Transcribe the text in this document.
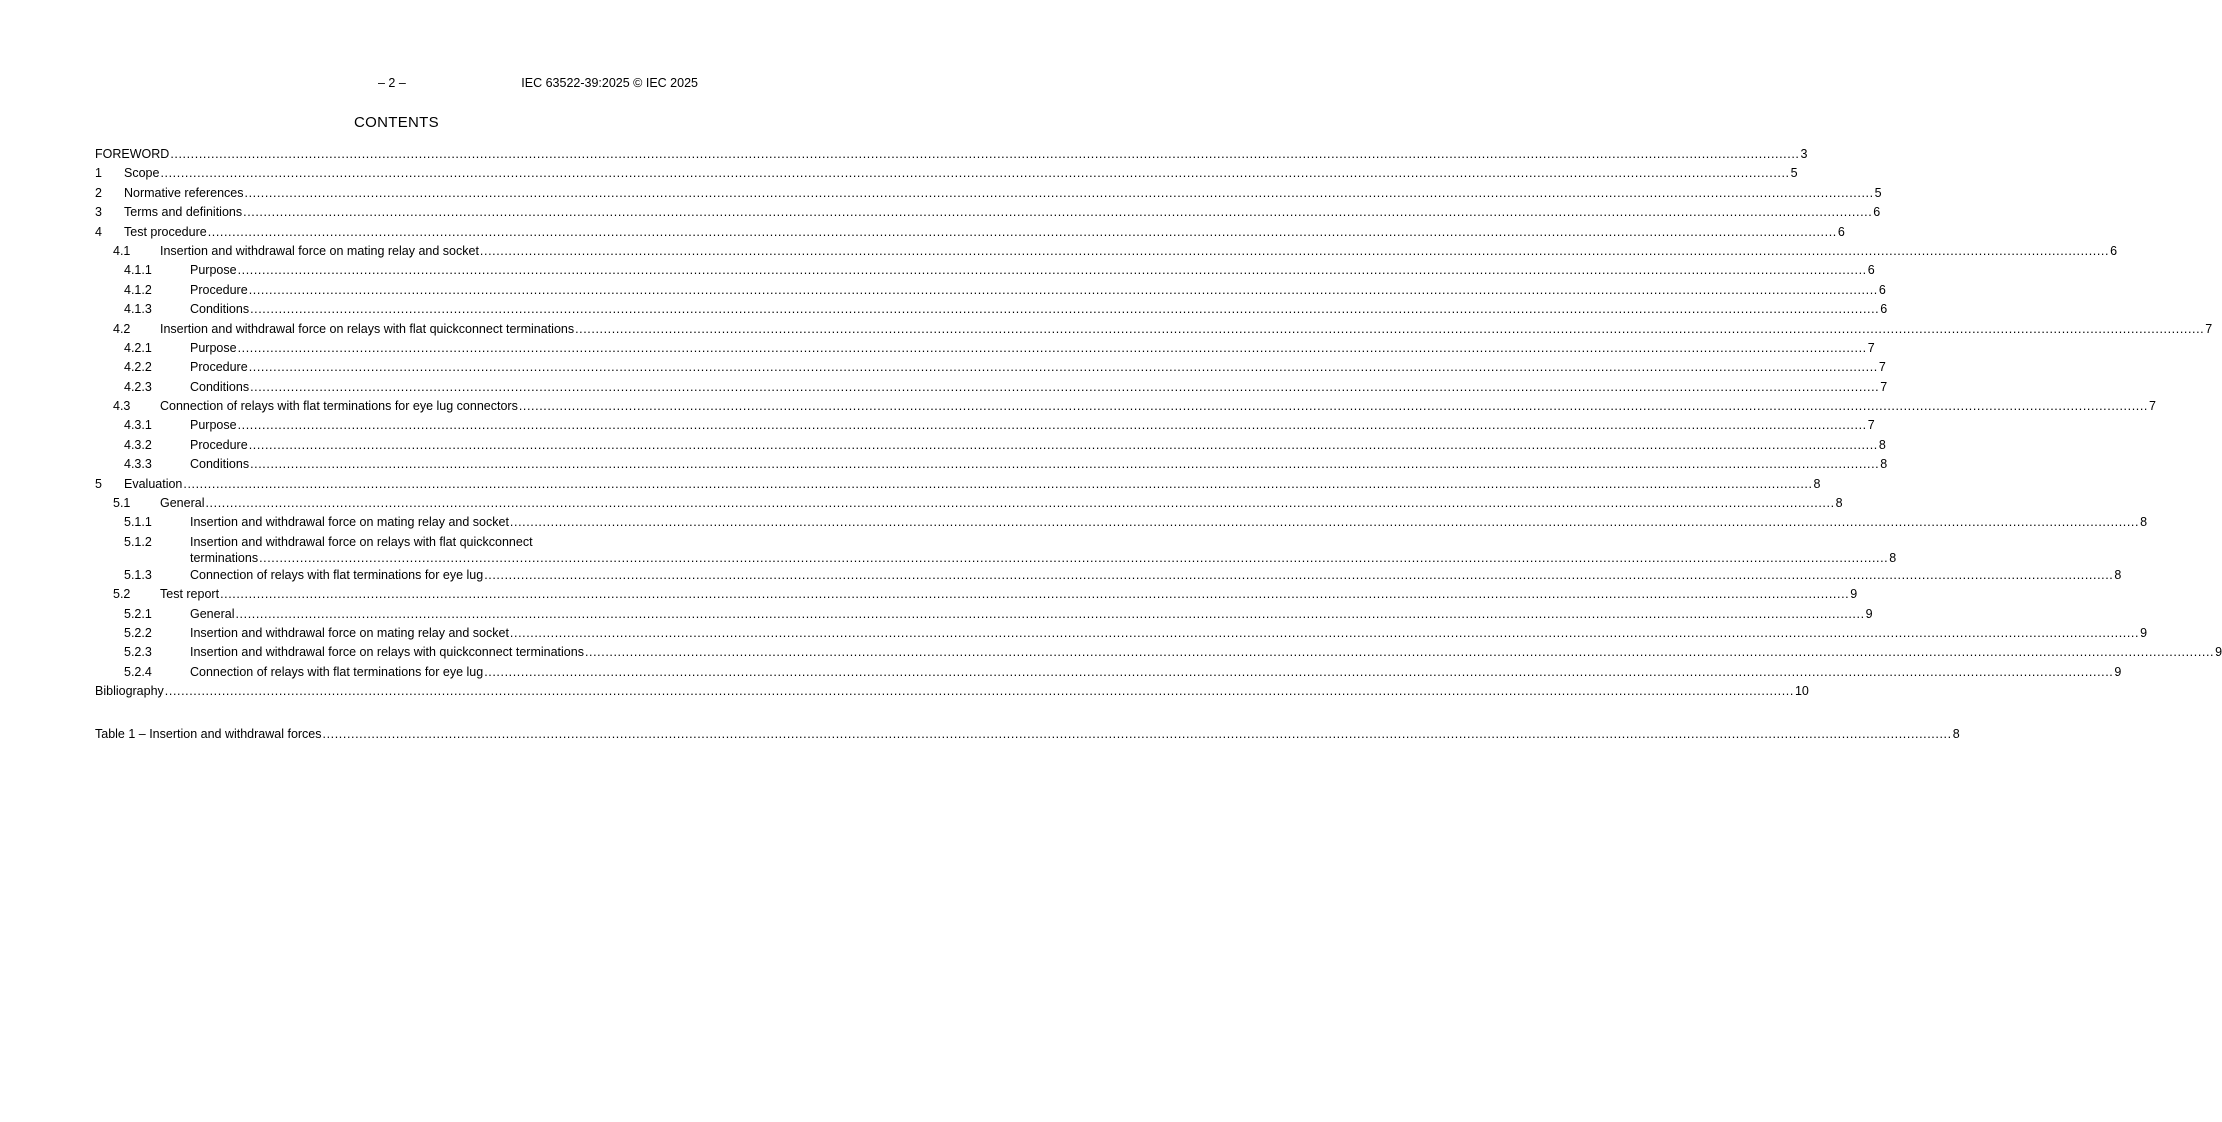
– 2 –	IEC 63522-39:2025 © IEC 2025
CONTENTS
FOREWORD ................................................................................................................................................................................................................................................................................................................................................................................................................ 3
1	Scope ................................................................................................................................................................................................................................................................................................................................................................................................................ 5
2	Normative references ................................................................................................................................................................................................................................................................................................................................................................................................................ 5
3	Terms and definitions ................................................................................................................................................................................................................................................................................................................................................................................................................ 6
4	Test procedure ................................................................................................................................................................................................................................................................................................................................................................................................................ 6
4.1	Insertion and withdrawal force on mating relay and socket ................................................................................................................................................................................................................................................................................................................................................................................................................ 6
4.1.1	Purpose ................................................................................................................................................................................................................................................................................................................................................................................................................ 6
4.1.2	Procedure ................................................................................................................................................................................................................................................................................................................................................................................................................ 6
4.1.3	Conditions ................................................................................................................................................................................................................................................................................................................................................................................................................ 6
4.2	Insertion and withdrawal force on relays with flat quickconnect terminations ................................................................................................................................................................................................................................................................................................................................................................................................................ 7
4.2.1	Purpose ................................................................................................................................................................................................................................................................................................................................................................................................................ 7
4.2.2	Procedure ................................................................................................................................................................................................................................................................................................................................................................................................................ 7
4.2.3	Conditions ................................................................................................................................................................................................................................................................................................................................................................................................................ 7
4.3	Connection of relays with flat terminations for eye lug connectors ................................................................................................................................................................................................................................................................................................................................................................................................................ 7
4.3.1	Purpose ................................................................................................................................................................................................................................................................................................................................................................................................................ 7
4.3.2	Procedure ................................................................................................................................................................................................................................................................................................................................................................................................................ 8
4.3.3	Conditions ................................................................................................................................................................................................................................................................................................................................................................................................................ 8
5	Evaluation ................................................................................................................................................................................................................................................................................................................................................................................................................ 8
5.1	General ................................................................................................................................................................................................................................................................................................................................................................................................................ 8
5.1.1	Insertion and withdrawal force on mating relay and socket ................................................................................................................................................................................................................................................................................................................................................................................................................ 8
5.1.2	Insertion and withdrawal force on relays with flat quickconnect
terminations ................................................................................................................................................................................................................................................................................................................................................................................................................ 8
5.1.3	Connection of relays with flat terminations for eye lug ................................................................................................................................................................................................................................................................................................................................................................................................................ 8
5.2	Test report ................................................................................................................................................................................................................................................................................................................................................................................................................ 9
5.2.1	General ................................................................................................................................................................................................................................................................................................................................................................................................................ 9
5.2.2	Insertion and withdrawal force on mating relay and socket ................................................................................................................................................................................................................................................................................................................................................................................................................ 9
5.2.3	Insertion and withdrawal force on relays with quickconnect terminations ................................................................................................................................................................................................................................................................................................................................................................................................................ 9
5.2.4	Connection of relays with flat terminations for eye lug ................................................................................................................................................................................................................................................................................................................................................................................................................ 9
Bibliography ................................................................................................................................................................................................................................................................................................................................................................................................................ 10
Table 1 – Insertion and withdrawal forces ................................................................................................................................................................................................................................................................................................................................................................................................................ 8
